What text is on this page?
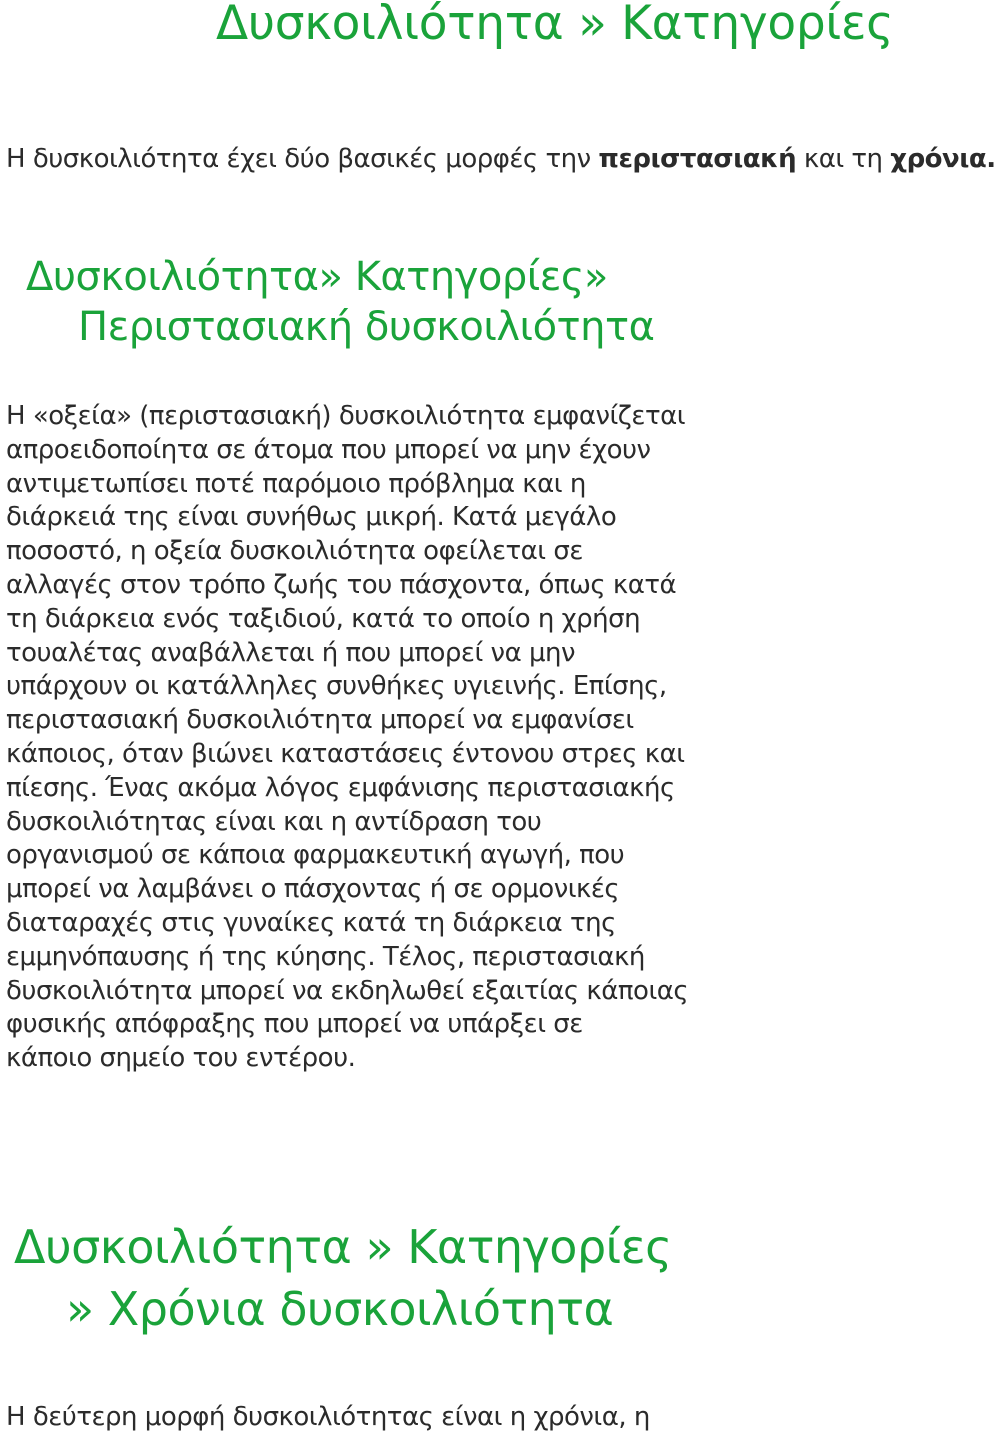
Δυσκοιλιότητα » Κατηγορίες

Η δυσκοιλιότητα έχει δύο βασικές μορφές την περιστασιακή και τη χρόνια.

Δυσκοιλιότητα» Κατηγορίες»
Περιστασιακή δυσκοιλιότητα
Η «οξεία» (περιστασιακή) δυσκοιλιότητα εμφανίζεται
απροειδοποίητα σε άτομα που μπορεί να μην έχουν
αντιμετωπίσει ποτέ παρόμοιο πρόβλημα και η
διάρκειά της είναι συνήθως μικρή. Κατά μεγάλο
ποσοστό, η οξεία δυσκοιλιότητα οφείλεται σε
αλλαγές στον τρόπο ζωής του πάσχοντα, όπως κατά
τη διάρκεια ενός ταξιδιού, κατά το οποίο η χρήση
τουαλέτας αναβάλλεται ή που μπορεί να μην
υπάρχουν οι κατάλληλες συνθήκες υγιεινής. Επίσης,
περιστασιακή δυσκοιλιότητα μπορεί να εμφανίσει
κάποιος, όταν βιώνει καταστάσεις έντονου στρες και
πίεσης. Ένας ακόμα λόγος εμφάνισης περιστασιακής
δυσκοιλιότητας είναι και η αντίδραση του
οργανισμού σε κάποια φαρμακευτική αγωγή, που
μπορεί να λαμβάνει ο πάσχοντας ή σε ορμονικές
διαταραχές στις γυναίκες κατά τη διάρκεια της
εμμηνόπαυσης ή της κύησης. Τέλος, περιστασιακή
δυσκοιλιότητα μπορεί να εκδηλωθεί εξαιτίας κάποιας
φυσικής απόφραξης που μπορεί να υπάρξει σε
κάποιο σημείο του εντέρου.
Δυσκοιλιότητα » Κατηγορίες
» Χρόνια δυσκοιλιότητα

Η δεύτερη μορφή δυσκοιλιότητας είναι η χρόνια, η
